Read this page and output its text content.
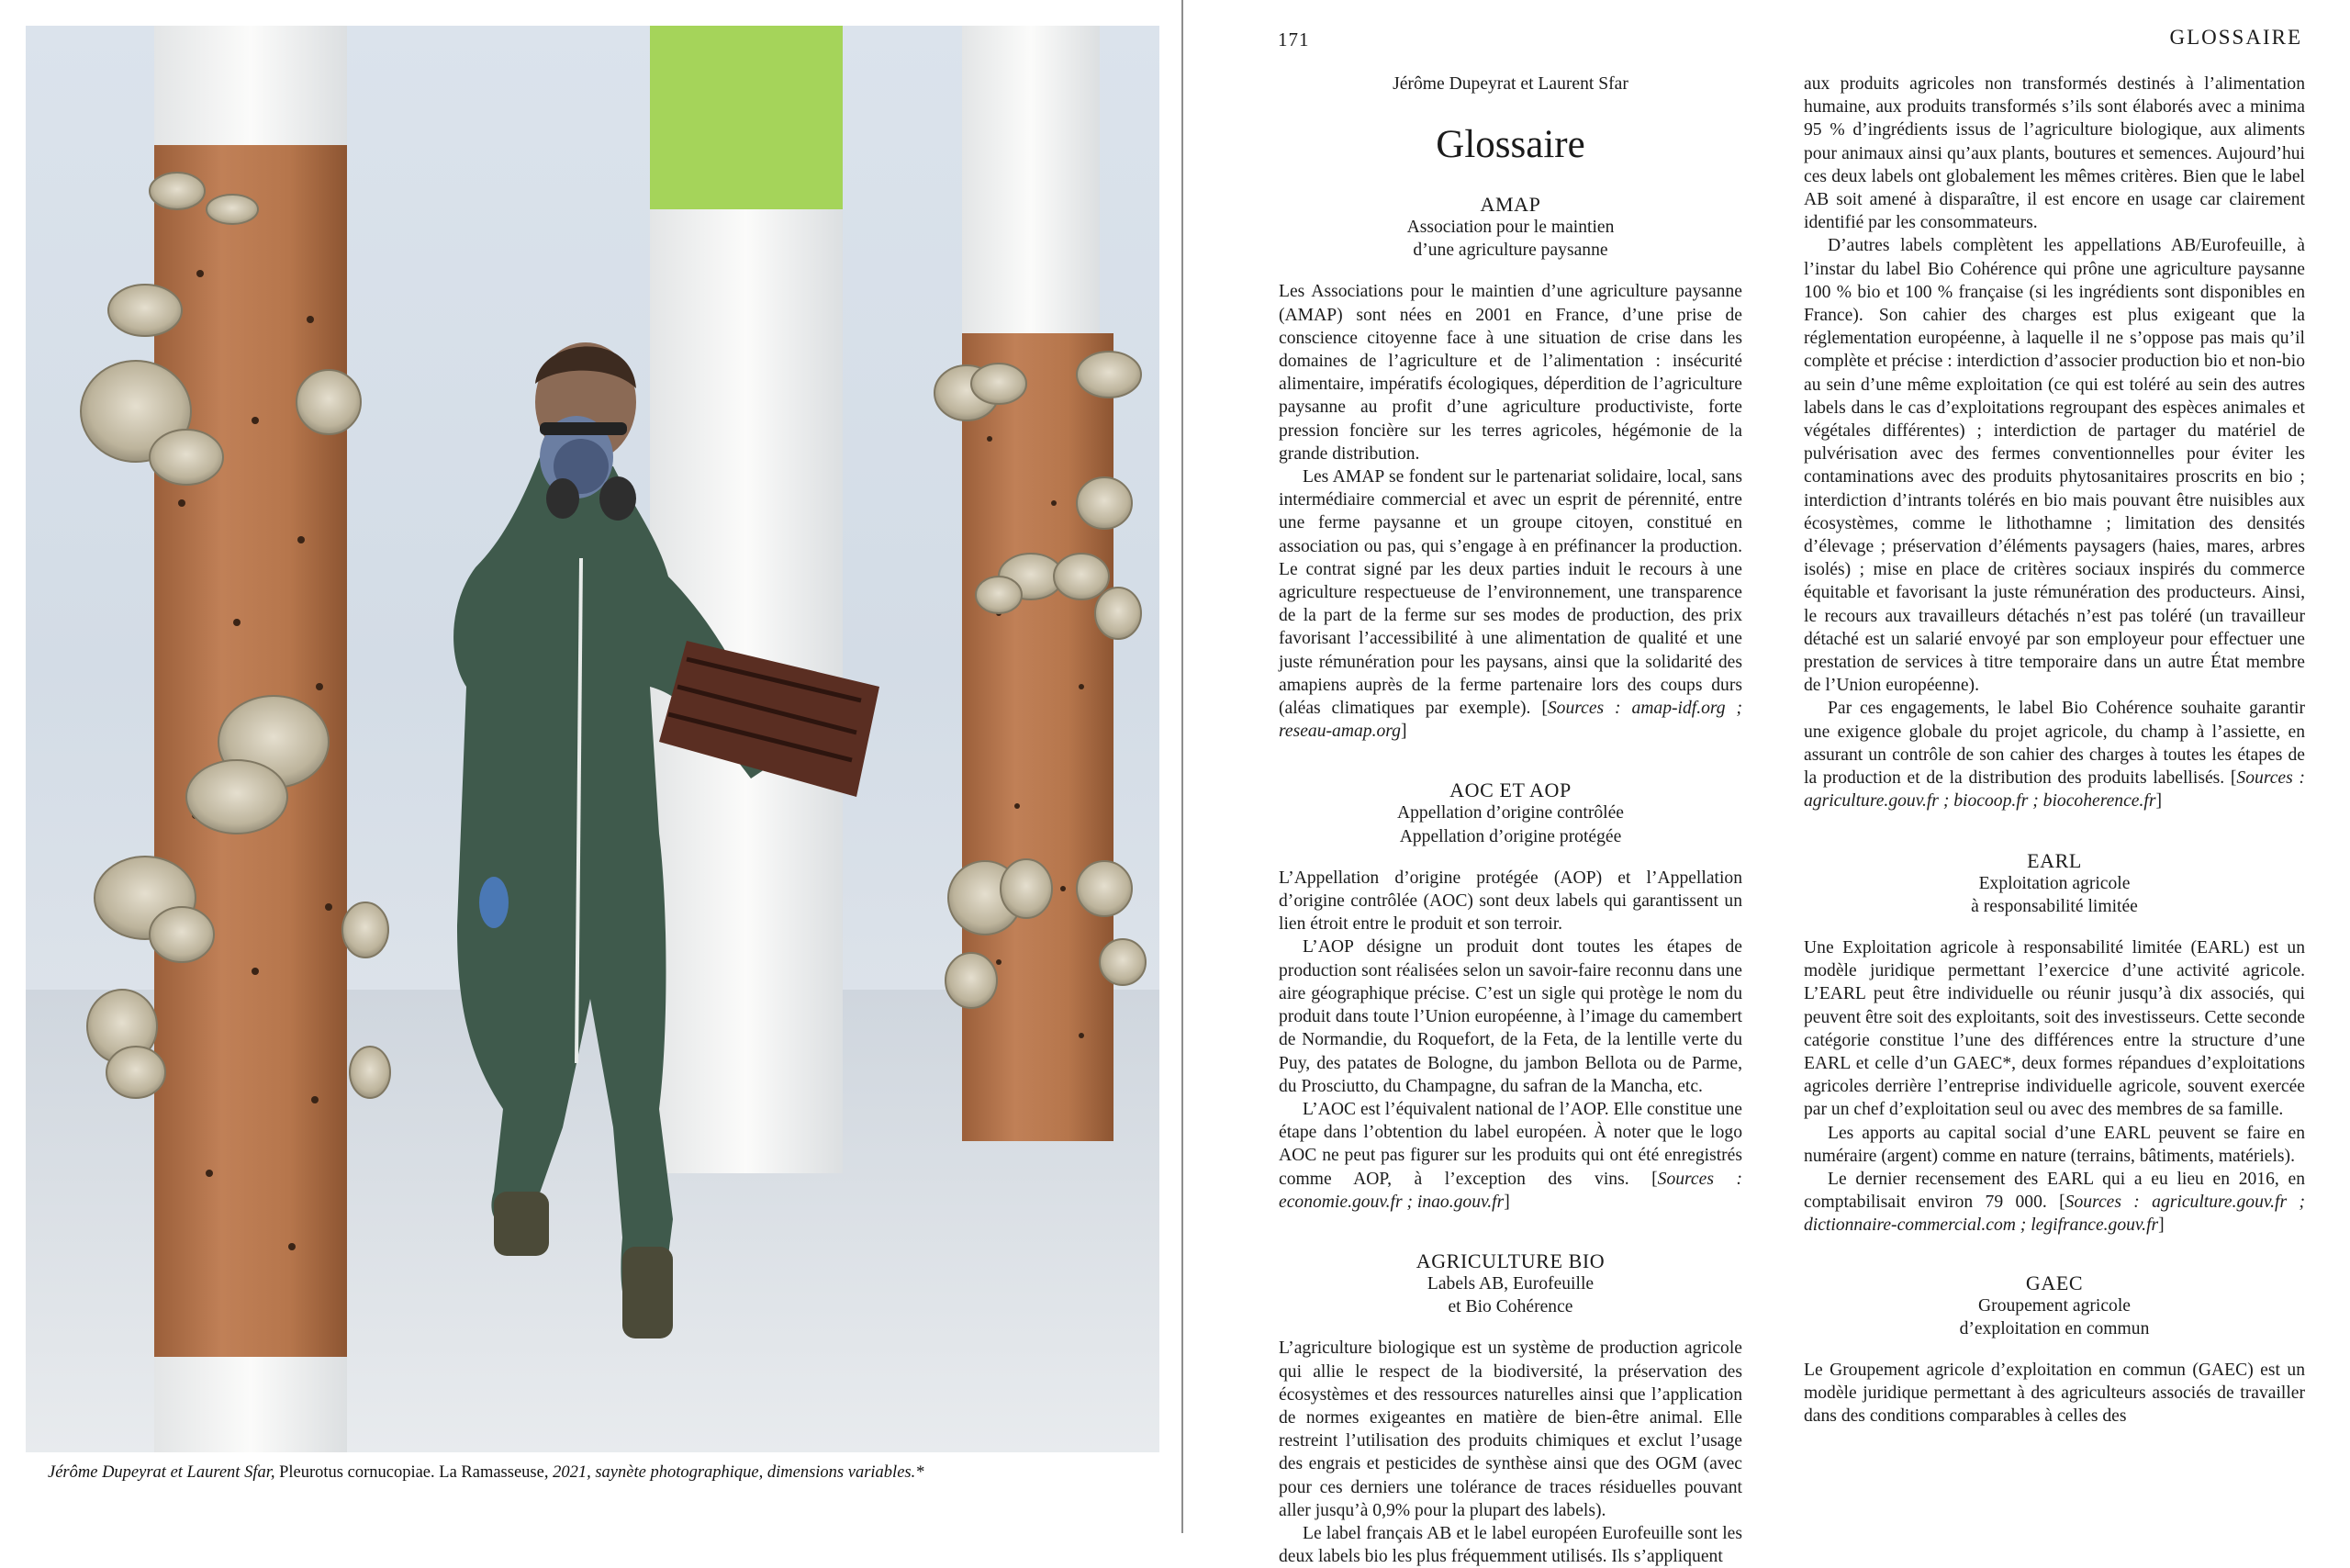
Jérôme Dupeyrat et Laurent Sfar, Pleurotus cornucopiae. La Ramasseuse, 2021, saynète photographique, dimensions variables.*
171	GLOSSAIRE
Jérôme Dupeyrat et Laurent Sfar
Glossaire
AMAP
Association pour le maintien
d’une agriculture paysanne

Les Associations pour le maintien d’une agriculture paysanne (AMAP) sont nées en 2001 en France, d’une prise de conscience citoyenne face à une situation de crise dans les domaines de l’agriculture et de l’alimentation : insécurité alimentaire, impératifs écologiques, déperdition de l’agriculture paysanne au profit d’une agriculture productiviste, forte pression foncière sur les terres agricoles, hégémonie de la grande distribution.

Les AMAP se fondent sur le partenariat solidaire, local, sans intermédiaire commercial et avec un esprit de pérennité, entre une ferme paysanne et un groupe citoyen, constitué en association ou pas, qui s’engage à en préfinancer la production. Le contrat signé par les deux parties induit le recours à une agriculture respectueuse de l’environnement, une transparence de la part de la ferme sur ses modes de production, des prix favorisant l’accessibilité à une alimentation de qualité et une juste rémunération pour les paysans, ainsi que la solidarité des amapiens auprès de la ferme partenaire lors des coups durs (aléas climatiques par exemple). [Sources : amap-idf.org ; reseau-amap.org]

AOC ET AOP
Appellation d’origine contrôlée
Appellation d’origine protégée

L’Appellation d’origine protégée (AOP) et l’Appellation d’origine contrôlée (AOC) sont deux labels qui garantissent un lien étroit entre le produit et son terroir.

L’AOP désigne un produit dont toutes les étapes de production sont réalisées selon un savoir-faire reconnu dans une aire géographique précise. C’est un sigle qui protège le nom du produit dans toute l’Union européenne, à l’image du camembert de Normandie, du Roquefort, de la Feta, de la lentille verte du Puy, des patates de Bologne, du jambon Bellota ou de Parme, du Prosciutto, du Champagne, du safran de la Mancha, etc.

L’AOC est l’équivalent national de l’AOP. Elle constitue une étape dans l’obtention du label européen. À noter que le logo AOC ne peut pas figurer sur les produits qui ont été enregistrés comme AOP, à l’exception des vins. [Sources : economie.gouv.fr ; inao.gouv.fr]

AGRICULTURE BIO
Labels AB, Eurofeuille
et Bio Cohérence

L’agriculture biologique est un système de production agricole qui allie le respect de la biodiversité, la préservation des écosystèmes et des ressources naturelles ainsi que l’application de normes exigeantes en matière de bien-être animal. Elle restreint l’utilisation des produits chimiques et exclut l’usage des engrais et pesticides de synthèse ainsi que des OGM (avec pour ces derniers une tolérance de traces résiduelles pouvant aller jusqu’à 0,9% pour la plupart des labels).

Le label français AB et le label européen Eurofeuille sont les deux labels bio les plus fréquemment utilisés. Ils s’appliquent

aux produits agricoles non transformés destinés à l’alimentation humaine, aux produits transformés s’ils sont élaborés avec a minima 95 % d’ingrédients issus de l’agriculture biologique, aux aliments pour animaux ainsi qu’aux plants, boutures et semences. Aujourd’hui ces deux labels ont globalement les mêmes critères. Bien que le label AB soit amené à disparaître, il est encore en usage car clairement identifié par les consommateurs.

D’autres labels complètent les appellations AB/Eurofeuille, à l’instar du label Bio Cohérence qui prône une agriculture paysanne 100 % bio et 100 % française (si les ingrédients sont disponibles en France). Son cahier des charges est plus exigeant que la réglementation européenne, à laquelle il ne s’oppose pas mais qu’il complète et précise : interdiction d’associer production bio et non-bio au sein d’une même exploitation (ce qui est toléré au sein des autres labels dans le cas d’exploitations regroupant des espèces animales et végétales différentes) ; interdiction de partager du matériel de pulvérisation avec des fermes conventionnelles pour éviter les contaminations avec des produits phytosanitaires proscrits en bio ; interdiction d’intrants tolérés en bio mais pouvant être nuisibles aux écosystèmes, comme le lithothamne ; limitation des densités d’élevage ; préservation d’éléments paysagers (haies, mares, arbres isolés) ; mise en place de critères sociaux inspirés du commerce équitable et favorisant la juste rémunération des producteurs. Ainsi, le recours aux travailleurs détachés n’est pas toléré (un travailleur détaché est un salarié envoyé par son employeur pour effectuer une prestation de services à titre temporaire dans un autre État membre de l’Union européenne).

Par ces engagements, le label Bio Cohérence souhaite garantir une exigence globale du projet agricole, du champ à l’assiette, en assurant un contrôle de son cahier des charges à toutes les étapes de la production et de la distribution des produits labellisés. [Sources : agriculture.gouv.fr ; biocoop.fr ; biocoherence.fr]

EARL
Exploitation agricole
à responsabilité limitée

Une Exploitation agricole à responsabilité limitée (EARL) est un modèle juridique permettant l’exercice d’une activité agricole. L’EARL peut être individuelle ou réunir jusqu’à dix associés, qui peuvent être soit des exploitants, soit des investisseurs. Cette seconde catégorie constitue l’une des différences entre la structure d’une EARL et celle d’un GAEC*, deux formes répandues d’exploitations agricoles derrière l’entreprise individuelle agricole, souvent exercée par un chef d’exploitation seul ou avec des membres de sa famille.

Les apports au capital social d’une EARL peuvent se faire en numéraire (argent) comme en nature (terrains, bâtiments, matériels).

Le dernier recensement des EARL qui a eu lieu en 2016, en comptabilisait environ 79 000. [Sources : agriculture.gouv.fr ; dictionnaire-commercial.com ; legifrance.gouv.fr]

GAEC
Groupement agricole
d’exploitation en commun

Le Groupement agricole d’exploitation en commun (GAEC) est un modèle juridique permettant à des agriculteurs associés de travailler dans des conditions comparables à celles des
